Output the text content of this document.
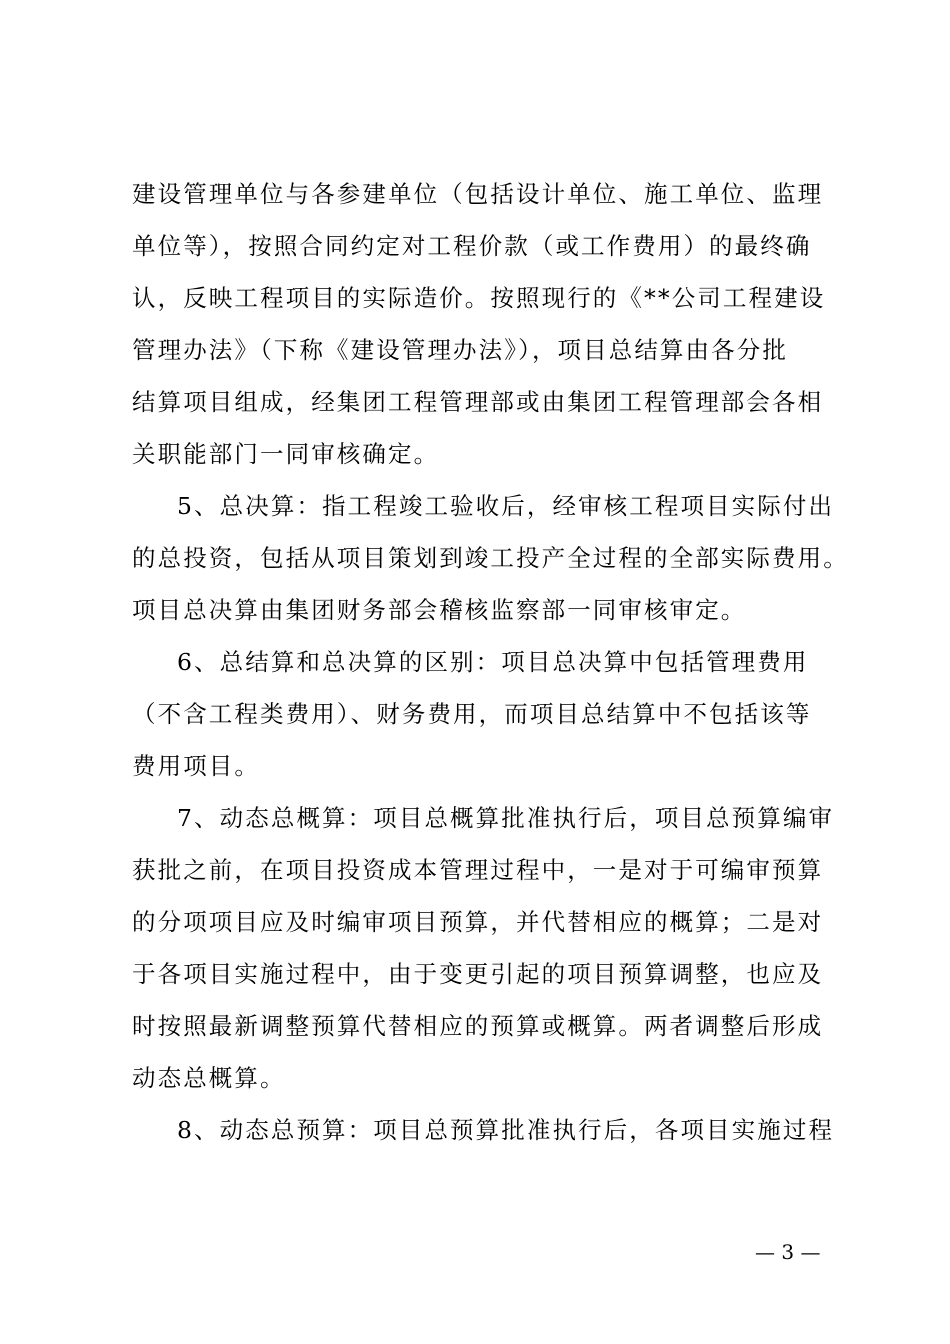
建设管理单位与各参建单位（包括设计单位、施工单位、监理
单位等），按照合同约定对工程价款（或工作费用）的最终确
认，反映工程项目的实际造价。按照现行的《**公司工程建设
管理办法》（下称《建设管理办法》），项目总结算由各分批
结算项目组成，经集团工程管理部或由集团工程管理部会各相
关职能部门一同审核确定。
5、总决算：指工程竣工验收后，经审核工程项目实际付出
的总投资，包括从项目策划到竣工投产全过程的全部实际费用。
项目总决算由集团财务部会稽核监察部一同审核审定。
6、总结算和总决算的区别：项目总决算中包括管理费用
（不含工程类费用）、财务费用，而项目总结算中不包括该等
费用项目。
7、动态总概算：项目总概算批准执行后，项目总预算编审
获批之前，在项目投资成本管理过程中，一是对于可编审预算
的分项项目应及时编审项目预算，并代替相应的概算；二是对
于各项目实施过程中，由于变更引起的项目预算调整，也应及
时按照最新调整预算代替相应的预算或概算。两者调整后形成
动态总概算。
8、动态总预算：项目总预算批准执行后，各项目实施过程
— 3 —
